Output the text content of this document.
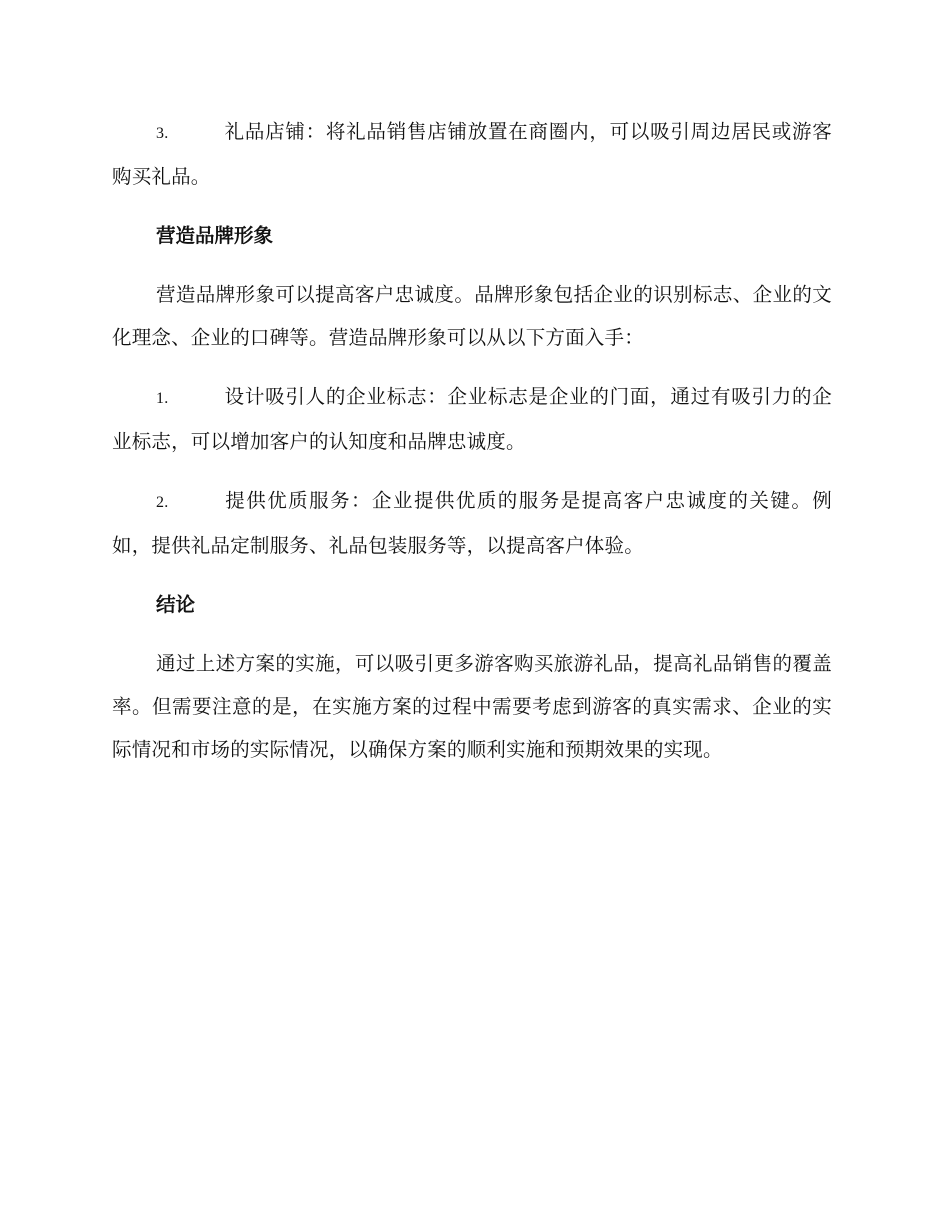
3.	礼品店铺：将礼品销售店铺放置在商圈内，可以吸引周边居民或游客购买礼品。
营造品牌形象

营造品牌形象可以提高客户忠诚度。品牌形象包括企业的识别标志、企业的文化理念、企业的口碑等。营造品牌形象可以从以下方面入手：

1.	设计吸引人的企业标志：企业标志是企业的门面，通过有吸引力的企业标志，可以增加客户的认知度和品牌忠诚度。
2.	提供优质服务：企业提供优质的服务是提高客户忠诚度的关键。例如，提供礼品定制服务、礼品包装服务等，以提高客户体验。
结论

通过上述方案的实施，可以吸引更多游客购买旅游礼品，提高礼品销售的覆盖率。但需要注意的是，在实施方案的过程中需要考虑到游客的真实需求、企业的实际情况和市场的实际情况，以确保方案的顺利实施和预期效果的实现。
